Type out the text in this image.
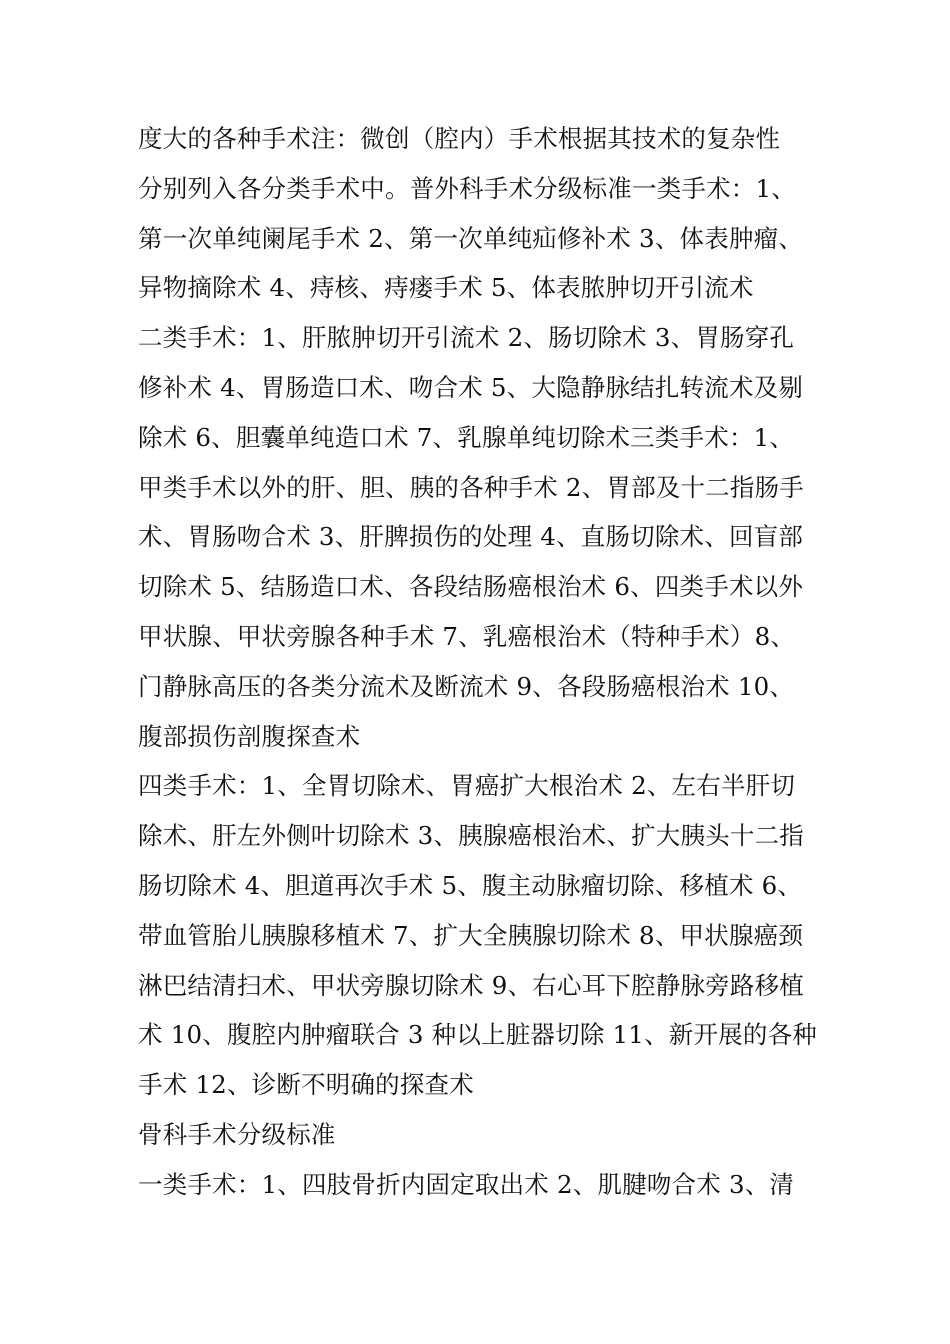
度大的各种手术注：微创（腔内）手术根据其技术的复杂性
分别列入各分类手术中。普外科手术分级标准一类手术：1、
第一次单纯阑尾手术 2、第一次单纯疝修补术 3、体表肿瘤、
异物摘除术 4、痔核、痔瘘手术 5、体表脓肿切开引流术
二类手术：1、肝脓肿切开引流术 2、肠切除术 3、胃肠穿孔
修补术 4、胃肠造口术、吻合术 5、大隐静脉结扎转流术及剔
除术 6、胆囊单纯造口术 7、乳腺单纯切除术三类手术：1、
甲类手术以外的肝、胆、胰的各种手术 2、胃部及十二指肠手
术、胃肠吻合术 3、肝脾损伤的处理 4、直肠切除术、回盲部
切除术 5、结肠造口术、各段结肠癌根治术 6、四类手术以外
甲状腺、甲状旁腺各种手术 7、乳癌根治术（特种手术）8、
门静脉高压的各类分流术及断流术 9、各段肠癌根治术 10、
腹部损伤剖腹探查术
四类手术：1、全胃切除术、胃癌扩大根治术 2、左右半肝切
除术、肝左外侧叶切除术 3、胰腺癌根治术、扩大胰头十二指
肠切除术 4、胆道再次手术 5、腹主动脉瘤切除、移植术 6、
带血管胎儿胰腺移植术 7、扩大全胰腺切除术 8、甲状腺癌颈
淋巴结清扫术、甲状旁腺切除术 9、右心耳下腔静脉旁路移植
术 10、腹腔内肿瘤联合 3 种以上脏器切除 11、新开展的各种
手术 12、诊断不明确的探查术
骨科手术分级标准
一类手术：1、四肢骨折内固定取出术 2、肌腱吻合术 3、清
